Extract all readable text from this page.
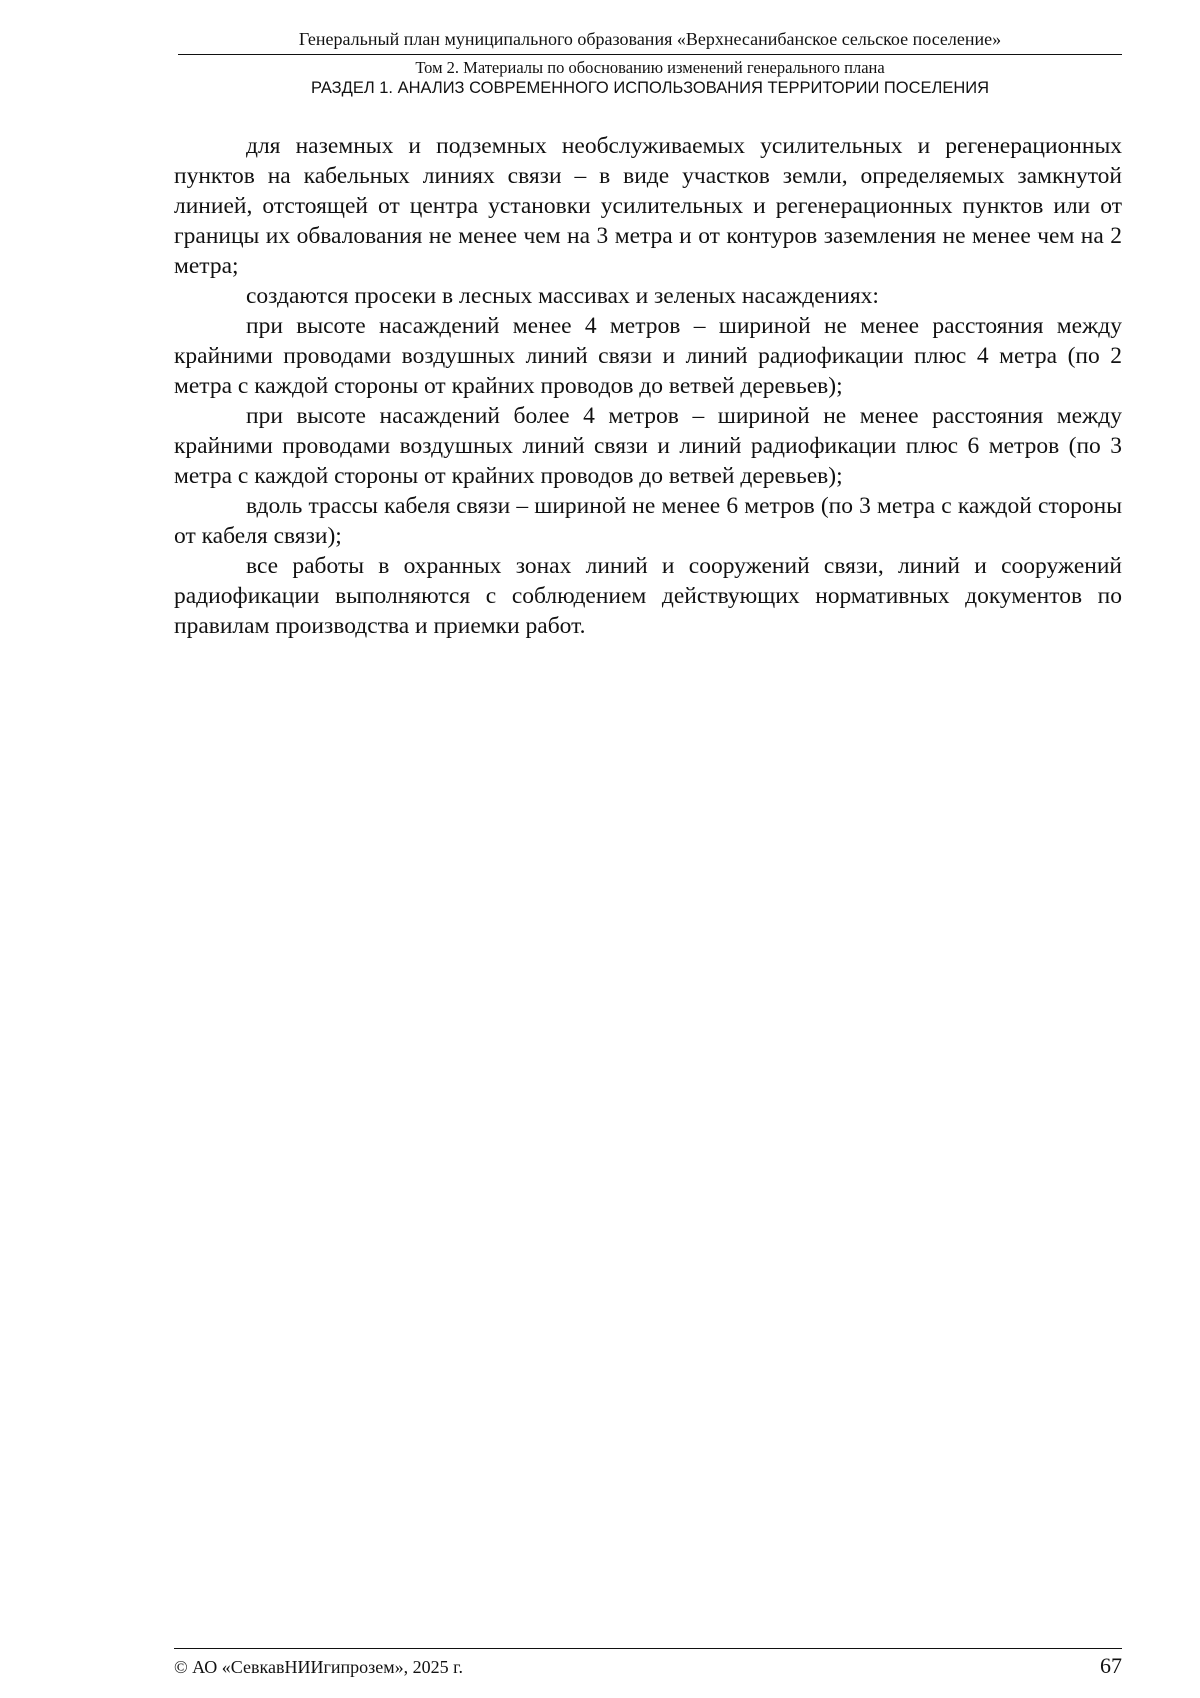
Генеральный план муниципального образования «Верхнесанибанское сельское поселение»
Том 2. Материалы по обоснованию изменений генерального плана
РАЗДЕЛ 1. АНАЛИЗ СОВРЕМЕННОГО ИСПОЛЬЗОВАНИЯ ТЕРРИТОРИИ ПОСЕЛЕНИЯ

для наземных и подземных необслуживаемых усилительных и регенерационных пунктов на кабельных линиях связи – в виде участков земли, определяемых замкнутой линией, отстоящей от центра установки усилительных и регенерационных пунктов или от границы их обвалования не менее чем на 3 метра и от контуров заземления не менее чем на 2 метра;

создаются просеки в лесных массивах и зеленых насаждениях:

при высоте насаждений менее 4 метров – шириной не менее расстояния между крайними проводами воздушных линий связи и линий радиофикации плюс 4 метра (по 2 метра с каждой стороны от крайних проводов до ветвей деревьев);

при высоте насаждений более 4 метров – шириной не менее расстояния между крайними проводами воздушных линий связи и линий радиофикации плюс 6 метров (по 3 метра с каждой стороны от крайних проводов до ветвей деревьев);

вдоль трассы кабеля связи – шириной не менее 6 метров (по 3 метра с каждой стороны от кабеля связи);

все работы в охранных зонах линий и сооружений связи, линий и сооружений радиофикации выполняются с соблюдением действующих нормативных документов по правилам производства и приемки работ.

© АО «СевкавНИИгипрозем», 2025 г.	67
